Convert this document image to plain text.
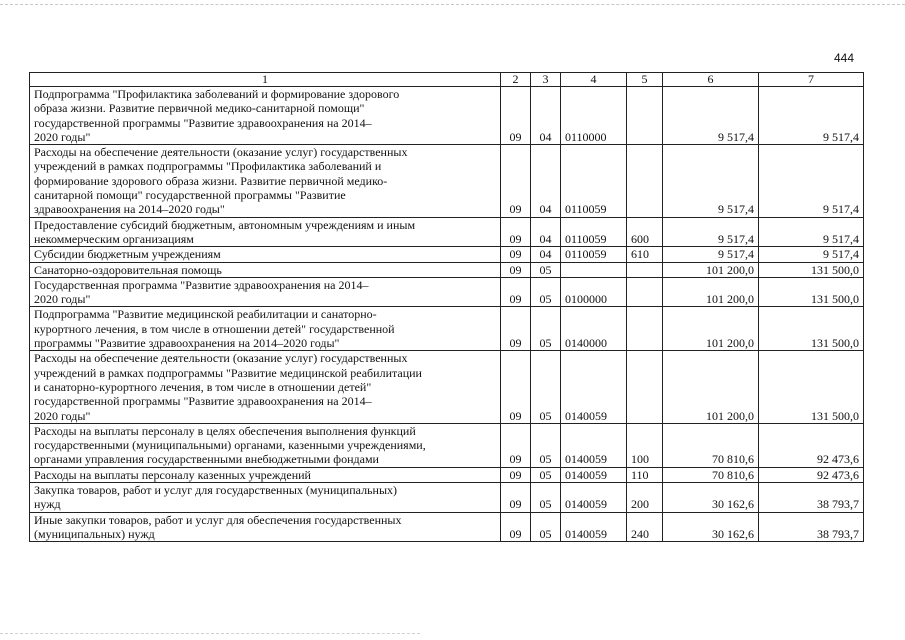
444
1	2	3	4	5	6	7

Подпрограмма "Профилактика заболеваний и формирование здорового
образа жизни. Развитие первичной медико-санитарной помощи"
государственной программы "Развитие здравоохранения на 2014–
2020 годы"	09	04	0110000		9 517,4	9 517,4

Расходы на обеспечение деятельности (оказание услуг) государственных
учреждений в рамках подпрограммы "Профилактика заболеваний и
формирование здорового образа жизни. Развитие первичной медико-
санитарной помощи" государственной программы "Развитие
здравоохранения на 2014–2020 годы"	09	04	0110059		9 517,4	9 517,4

Предоставление субсидий бюджетным, автономным учреждениям и иным
некоммерческим организациям	09	04	0110059	600	9 517,4	9 517,4

Субсидии бюджетным учреждениям	09	04	0110059	610	9 517,4	9 517,4

Санаторно-оздоровительная помощь	09	05			101 200,0	131 500,0

Государственная программа "Развитие здравоохранения на 2014–
2020 годы"	09	05	0100000		101 200,0	131 500,0

Подпрограмма "Развитие медицинской реабилитации и санаторно-
курортного лечения, в том числе в отношении детей" государственной
программы "Развитие здравоохранения на 2014–2020 годы"	09	05	0140000		101 200,0	131 500,0

Расходы на обеспечение деятельности (оказание услуг) государственных
учреждений в рамках подпрограммы "Развитие медицинской реабилитации
и санаторно-курортного лечения, в том числе в отношении детей"
государственной программы "Развитие здравоохранения на 2014–
2020 годы"	09	05	0140059		101 200,0	131 500,0

Расходы на выплаты персоналу в целях обеспечения выполнения функций
государственными (муниципальными) органами, казенными учреждениями,
органами управления государственными внебюджетными фондами	09	05	0140059	100	70 810,6	92 473,6

Расходы на выплаты персоналу казенных учреждений	09	05	0140059	110	70 810,6	92 473,6

Закупка товаров, работ и услуг для государственных (муниципальных)
нужд	09	05	0140059	200	30 162,6	38 793,7

Иные закупки товаров, работ и услуг для обеспечения государственных
(муниципальных) нужд	09	05	0140059	240	30 162,6	38 793,7
